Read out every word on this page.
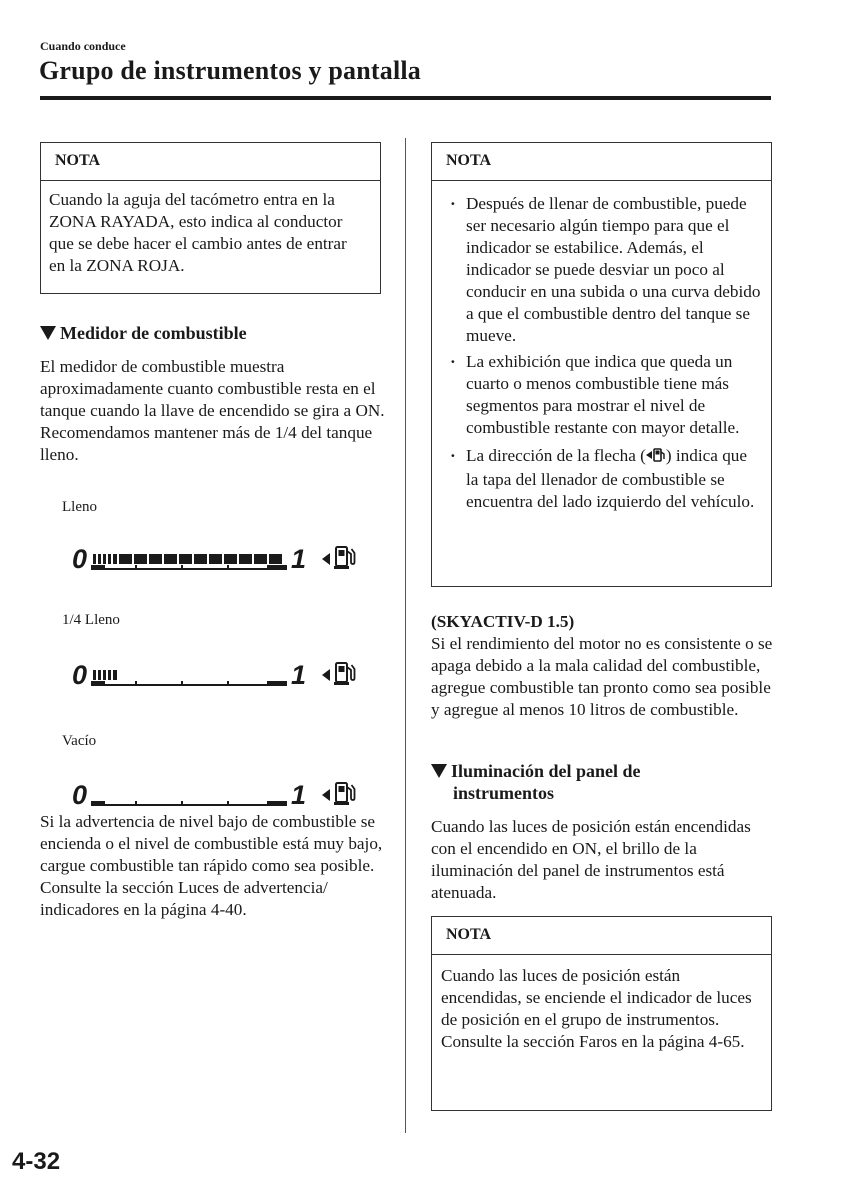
Cuando conduce
Grupo de instrumentos y pantalla
NOTA
Cuando la aguja del tacómetro entra en la ZONA RAYADA, esto indica al conductor que se debe hacer el cambio antes de entrar en la ZONA ROJA.
Medidor de combustible
El medidor de combustible muestra aproximadamente cuanto combustible resta en el tanque cuando la llave de encendido se gira a ON. Recomendamos mantener más de 1/4 del tanque lleno.
Lleno
0	1
1/4 Lleno
0	1
Vacío
0	1
Si la advertencia de nivel bajo de combustible se encienda o el nivel de combustible está muy bajo, cargue combustible tan rápido como sea posible. Consulte la sección Luces de advertencia/ indicadores en la página 4-40.
NOTA
· Después de llenar de combustible, puede ser necesario algún tiempo para que el indicador se estabilice. Además, el indicador se puede desviar un poco al conducir en una subida o una curva debido a que el combustible dentro del tanque se mueve.
· La exhibición que indica que queda un cuarto o menos combustible tiene más segmentos para mostrar el nivel de combustible restante con mayor detalle.
· La dirección de la flecha ( ) indica que la tapa del llenador de combustible se encuentra del lado izquierdo del vehículo.
(SKYACTIV-D 1.5)
Si el rendimiento del motor no es consistente o se apaga debido a la mala calidad del combustible, agregue combustible tan pronto como sea posible y agregue al menos 10 litros de combustible.
Iluminación del panel de
instrumentos
Cuando las luces de posición están encendidas con el encendido en ON, el brillo de la iluminación del panel de instrumentos está atenuada.
NOTA
Cuando las luces de posición están encendidas, se enciende el indicador de luces de posición en el grupo de instrumentos. Consulte la sección Faros en la página 4-65.
4-32
